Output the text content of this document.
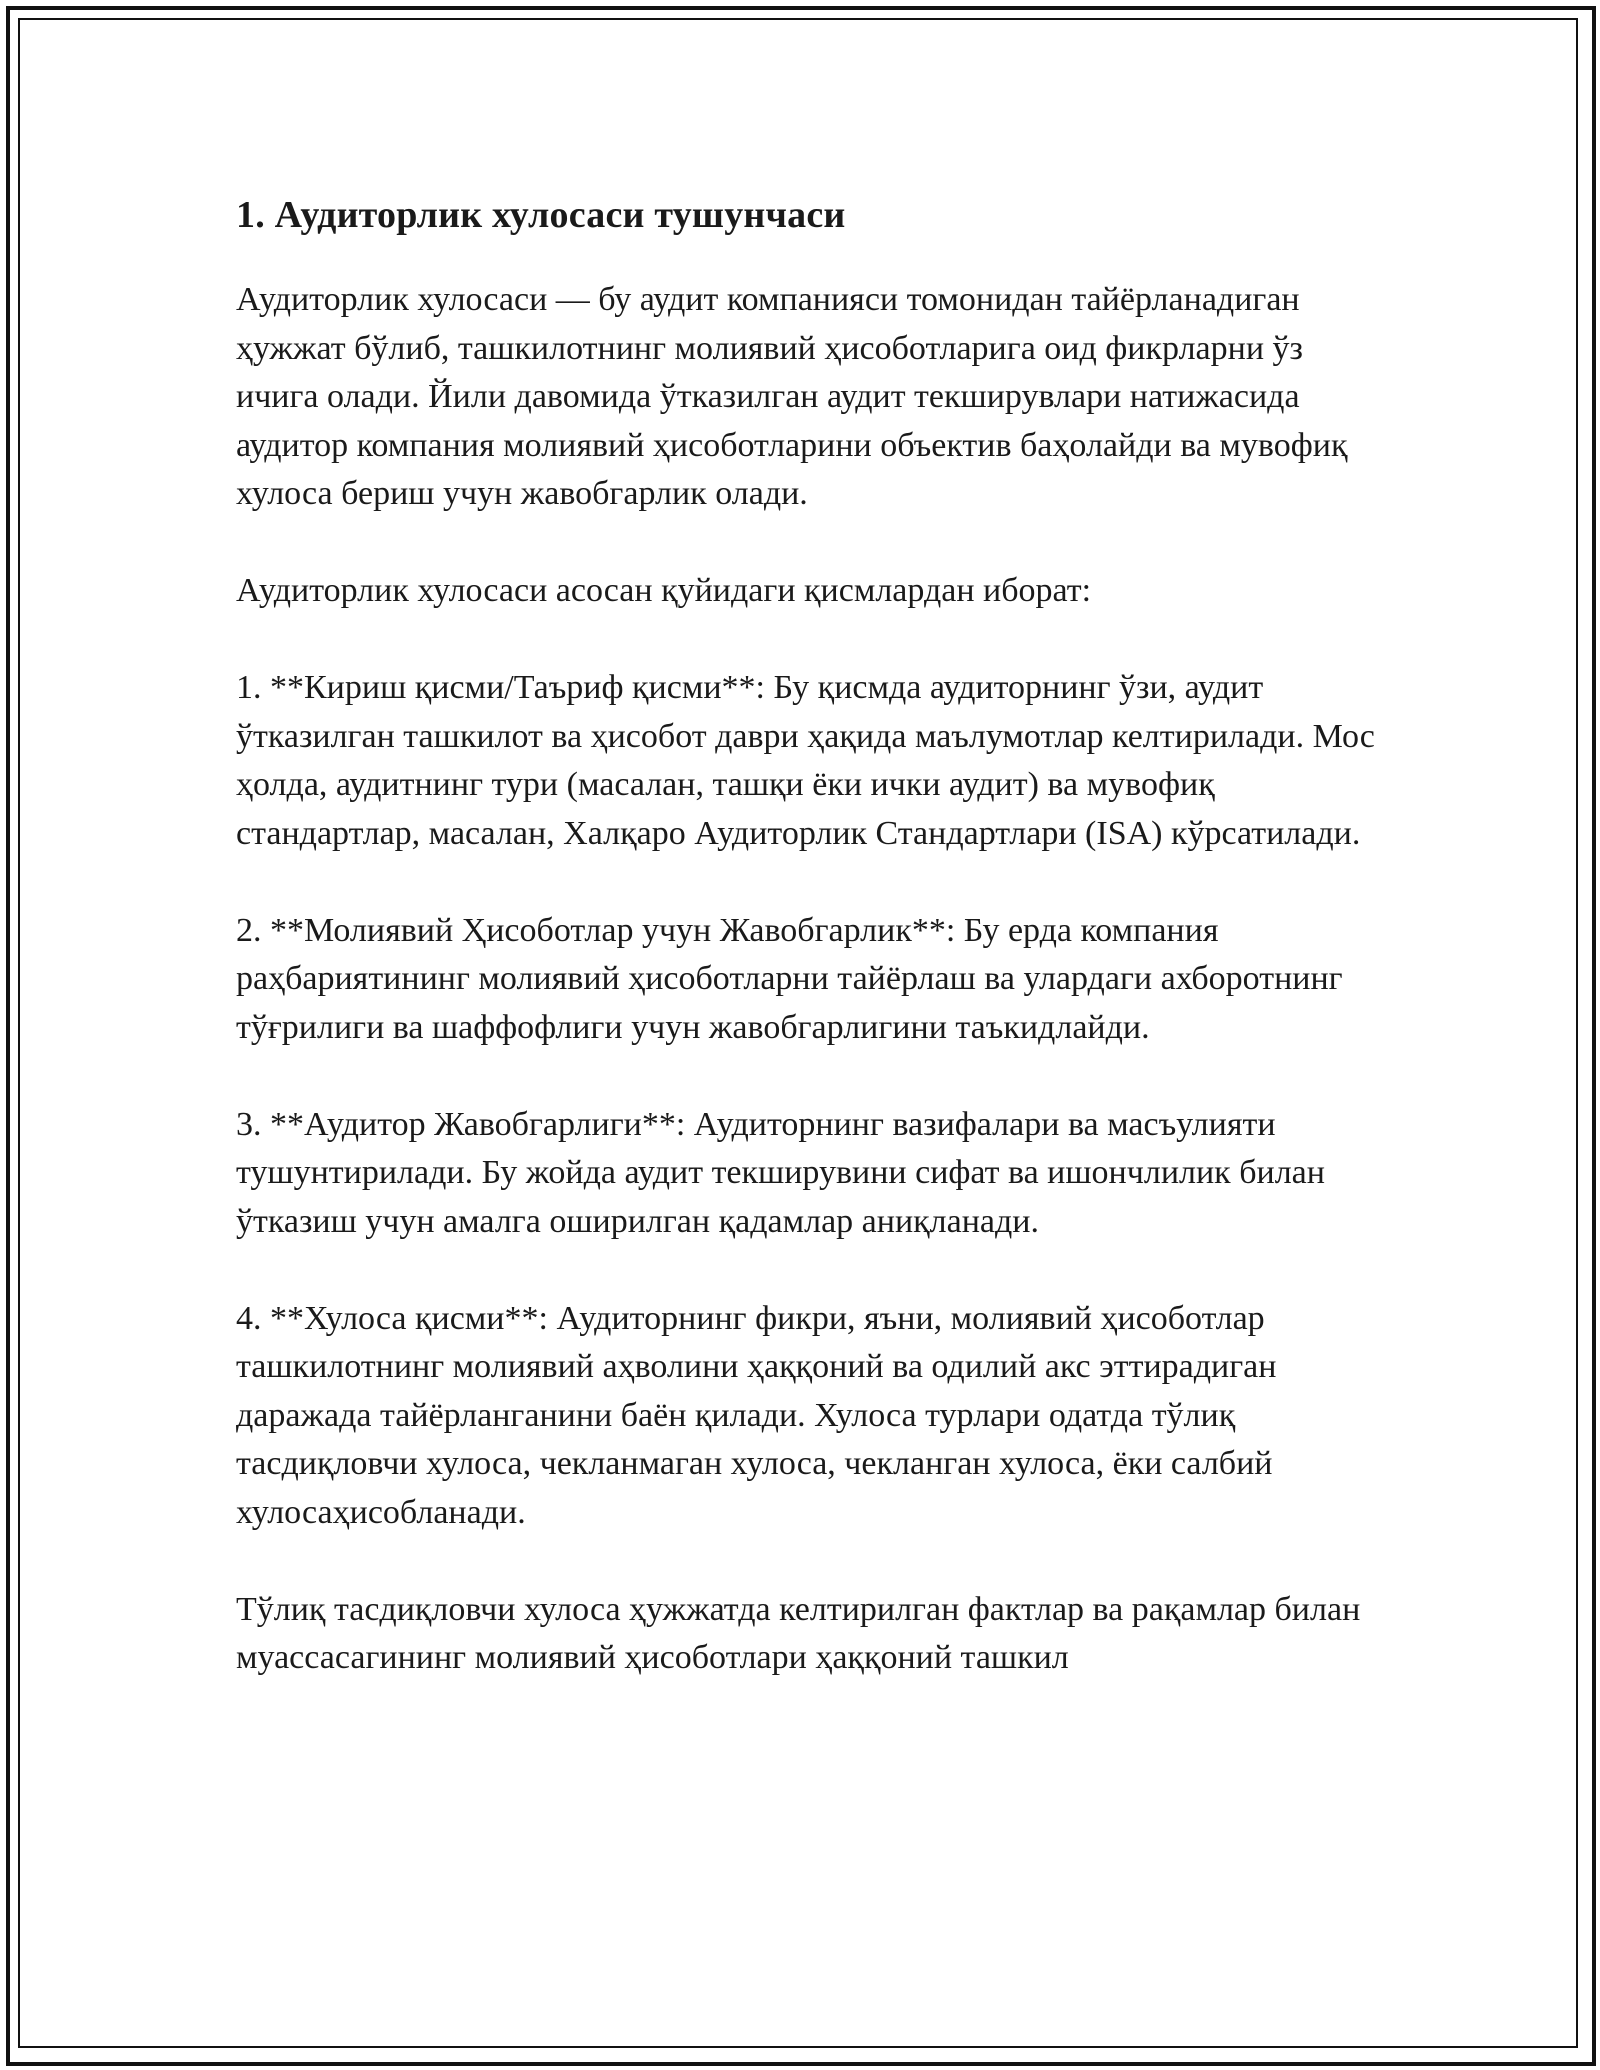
1. Аудиторлик хулосаси тушунчаси

Аудиторлик хулосаси — бу аудит компанияси томонидан тайёрланадиган ҳужжат бўлиб, ташкилотнинг молиявий ҳисоботларига оид фикрларни ўз ичига олади. Йили давомида ўтказилган аудит текширувлари натижасида аудитор компания молиявий ҳисоботларини объектив баҳолайди ва мувофиқ хулоса бериш учун жавобгарлик олади.

Аудиторлик хулосаси асосан қуйидаги қисмлардан иборат:

1. **Кириш қисми/Таъриф қисми**: Бу қисмда аудиторнинг ўзи, аудит ўтказилган ташкилот ва ҳисобот даври ҳақида маълумотлар келтирилади. Мос ҳолда, аудитнинг тури (масалан, ташқи ёки ички аудит) ва мувофиқ стандартлар, масалан, Халқаро Аудиторлик Стандартлари (ISA) кўрсатилади.

2. **Молиявий Ҳисоботлар учун Жавобгарлик**: Бу ерда компания раҳбариятининг молиявий ҳисоботларни тайёрлаш ва улардаги ахборотнинг тўғрилиги ва шаффофлиги учун жавобгарлигини таъкидлайди.

3. **Аудитор Жавобгарлиги**: Аудиторнинг вазифалари ва масъулияти тушунтирилади. Бу жойда аудит текширувини сифат ва ишончлилик билан ўтказиш учун амалга оширилган қадамлар аниқланади.

4. **Хулоса қисми**: Аудиторнинг фикри, яъни, молиявий ҳисоботлар ташкилотнинг молиявий аҳволини ҳаққоний ва одилий акс эттирадиган даражада тайёрланганини баён қилади. Хулоса турлари одатда тўлиқ тасдиқловчи хулоса, чекланмаган хулоса, чекланган хулоса, ёки салбий хулосаҳисобланади.

Тўлиқ тасдиқловчи хулоса ҳужжатда келтирилган фактлар ва рақамлар билан муассасагининг молиявий ҳисоботлари ҳаққоний ташкил
